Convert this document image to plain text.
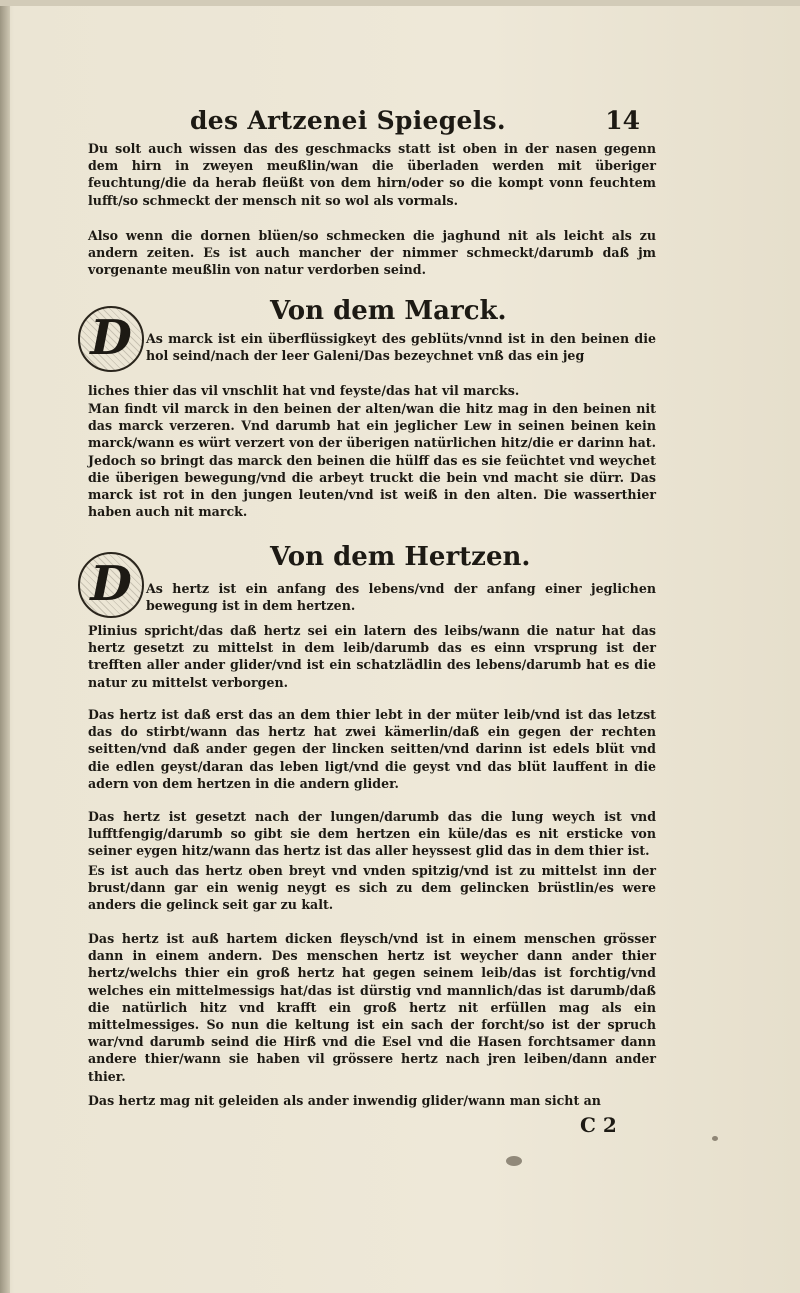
des Artzenei Spiegels.	14

Du solt auch wissen das des geschmacks statt ist oben in der nasen gegenn dem hirn in zweyen meußlin/wan die überladen werden mit überiger feuchtung/die da herab fleüßt von dem hirn/oder so die kompt vonn feuchtem lufft/so schmeckt der mensch nit so wol als vormals.

Also wenn die dornen blüen/so schmecken die jaghund nit als leicht als zu andern zeiten. Es ist auch mancher der nimmer schmeckt/darumb daß jm vorgenante meußlin von natur verdorben seind.

Von dem Marck.
D	As marck ist ein überflüssigkeyt des geblüts/vnnd ist in den beinen die hol seind/nach der leer Galeni/Das bezeychnet vnß das ein jeg

liches thier das vil vnschlit hat vnd feyste/das hat vil marcks.

Man findt vil marck in den beinen der alten/wan die hitz mag in den beinen nit das marck verzeren. Vnd darumb hat ein jeglicher Lew in seinen beinen kein marck/wann es würt verzert von der überigen natürlichen hitz/die er darinn hat. Jedoch so bringt das marck den beinen die hülff das es sie feüchtet vnd weychet die überigen bewegung/vnd die arbeyt truckt die bein vnd macht sie dürr. Das marck ist rot in den jungen leuten/vnd ist weiß in den alten. Die wasserthier haben auch nit marck.

Von dem Hertzen.
D	As hertz ist ein anfang des lebens/vnd der anfang einer jeglichen bewegung ist in dem hertzen.

Plinius spricht/das daß hertz sei ein latern des leibs/wann die natur hat das hertz gesetzt zu mittelst in dem leib/darumb das es einn vrsprung ist der trefften aller ander glider/vnd ist ein schatzlädlin des lebens/darumb hat es die natur zu mittelst verborgen.

Das hertz ist daß erst das an dem thier lebt in der müter leib/vnd ist das letzst das do stirbt/wann das hertz hat zwei kämerlin/daß ein gegen der rechten seitten/vnd daß ander gegen der lincken seitten/vnd darinn ist edels blüt vnd die edlen geyst/daran das leben ligt/vnd die geyst vnd das blüt lauffent in die adern von dem hertzen in die andern glider.

Das hertz ist gesetzt nach der lungen/darumb das die lung weych ist vnd lufftfengig/darumb so gibt sie dem hertzen ein küle/das es nit ersticke von seiner eygen hitz/wann das hertz ist das aller heyssest glid das in dem thier ist.

Es ist auch das hertz oben breyt vnd vnden spitzig/vnd ist zu mittelst inn der brust/dann gar ein wenig neygt es sich zu dem gelincken brüstlin/es were anders die gelinck seit gar zu kalt.

Das hertz ist auß hartem dicken fleysch/vnd ist in einem menschen grösser dann in einem andern. Des menschen hertz ist weycher dann ander thier hertz/welchs thier ein groß hertz hat gegen seinem leib/das ist forchtig/vnd welches ein mittelmessigs hat/das ist dürstig vnd mannlich/das ist darumb/daß die natürlich hitz vnd krafft ein groß hertz nit erfüllen mag als ein mittelmessiges. So nun die keltung ist ein sach der forcht/so ist der spruch war/vnd darumb seind die Hirß vnd die Esel vnd die Hasen forchtsamer dann andere thier/wann sie haben vil grössere hertz nach jren leiben/dann ander thier.

Das hertz mag nit geleiden als ander inwendig glider/wann man sicht an

C 2
